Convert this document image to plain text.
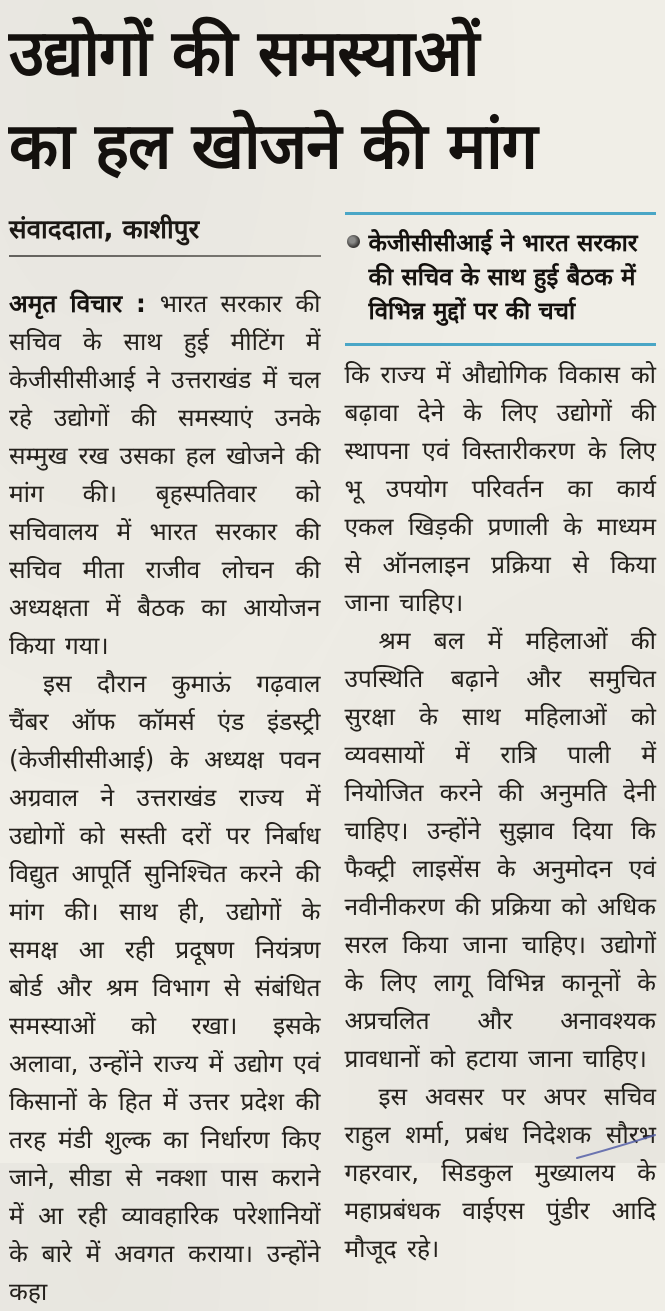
उद्योगों की समस्याओं
का हल खोजने की मांग
संवाददाता, काशीपुर

अमृत विचार : भारत सरकार की सचिव के साथ हुई मीटिंग में केजीसीसीआई ने उत्तराखंड में चल रहे उद्योगों की समस्याएं उनके सम्मुख रख उसका हल खोजने की मांग की। बृहस्पतिवार को सचिवालय में भारत सरकार की सचिव मीता राजीव लोचन की अध्यक्षता में बैठक का आयोजन किया गया।

इस दौरान कुमाऊं गढ़वाल चैंबर ऑफ कॉमर्स एंड इंडस्ट्री (केजीसीसीआई) के अध्यक्ष पवन अग्रवाल ने उत्तराखंड राज्य में उद्योगों को सस्ती दरों पर निर्बाध विद्युत आपूर्ति सुनिश्चित करने की मांग की। साथ ही, उद्योगों के समक्ष आ रही प्रदूषण नियंत्रण बोर्ड और श्रम विभाग से संबंधित समस्याओं को रखा। इसके अलावा, उन्होंने राज्य में उद्योग एवं किसानों के हित में उत्तर प्रदेश की तरह मंडी शुल्क का निर्धारण किए जाने, सीडा से नक्शा पास कराने में आ रही व्यावहारिक परेशानियों के बारे में अवगत कराया। उन्होंने कहा

केजीसीसीआई ने भारत सरकार की सचिव के साथ हुई बैठक में विभिन्न मुद्दों पर की चर्चा

कि राज्य में औद्योगिक विकास को बढ़ावा देने के लिए उद्योगों की स्थापना एवं विस्तारीकरण के लिए भू उपयोग परिवर्तन का कार्य एकल खिड़की प्रणाली के माध्यम से ऑनलाइन प्रक्रिया से किया जाना चाहिए।

श्रम बल में महिलाओं की उपस्थिति बढ़ाने और समुचित सुरक्षा के साथ महिलाओं को व्यवसायों में रात्रि पाली में नियोजित करने की अनुमति देनी चाहिए। उन्होंने सुझाव दिया कि फैक्ट्री लाइसेंस के अनुमोदन एवं नवीनीकरण की प्रक्रिया को अधिक सरल किया जाना चाहिए। उद्योगों के लिए लागू विभिन्न कानूनों के अप्रचलित और अनावश्यक प्रावधानों को हटाया जाना चाहिए।

इस अवसर पर अपर सचिव राहुल शर्मा, प्रबंध निदेशक सौरभ गहरवार, सिडकुल मुख्यालय के महाप्रबंधक वाईएस पुंडीर आदि मौजूद रहे।
